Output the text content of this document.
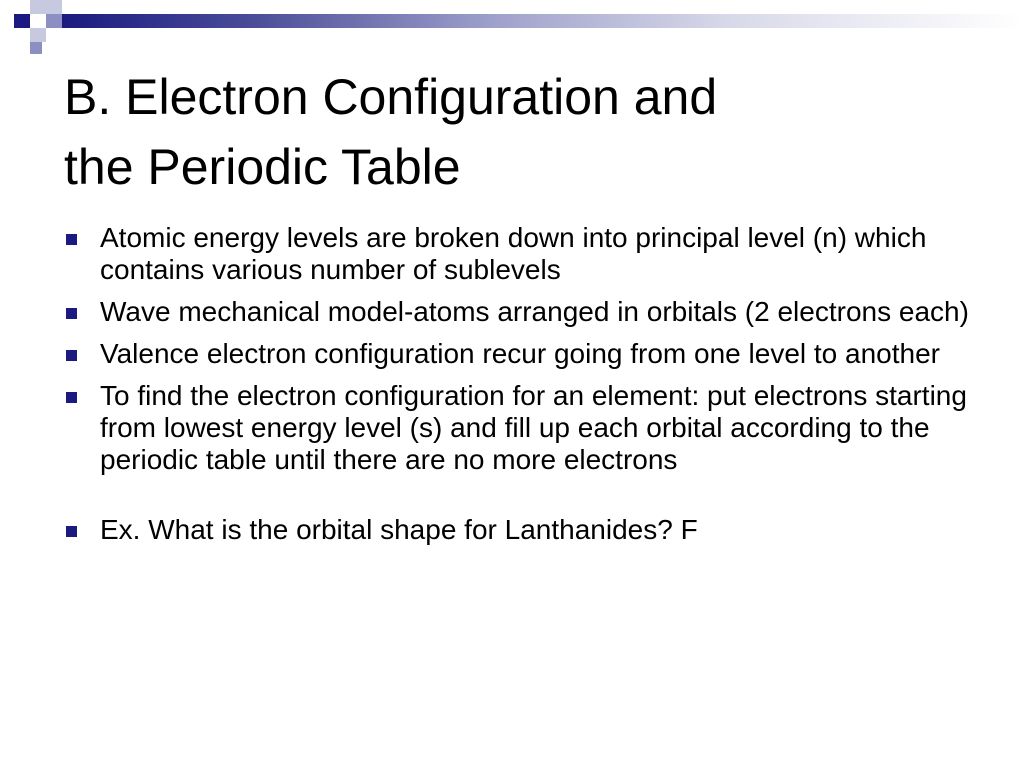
B. Electron Configuration and
the Periodic Table
Atomic energy levels are broken down into principal level (n) which contains various number of sublevels
Wave mechanical model-atoms arranged in orbitals (2 electrons each)
Valence electron configuration recur going from one level to another
To find the electron configuration for an element: put electrons starting from lowest energy level (s) and fill up each orbital according to the periodic table until there are no more electrons
Ex. What is the orbital shape for Lanthanides? F
